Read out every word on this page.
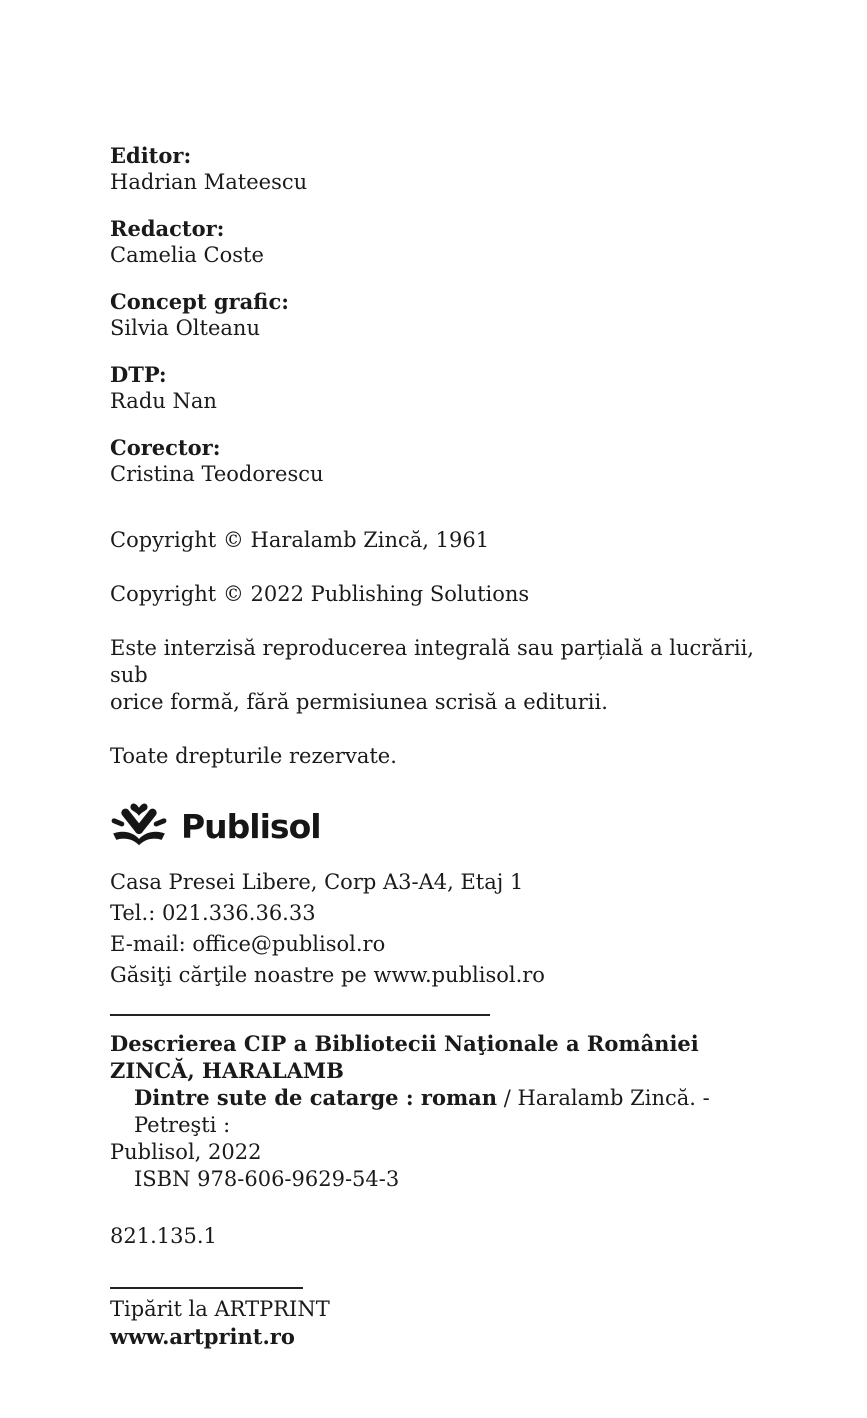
Editor:
Hadrian Mateescu
Redactor:
Camelia Coste
Concept grafic:
Silvia Olteanu
DTP:
Radu Nan
Corector:
Cristina Teodorescu

Copyright © Haralamb Zincă, 1961

Copyright © 2022 Publishing Solutions

Este interzisă reproducerea integrală sau parțială a lucrării, sub
orice formă, fără permisiunea scrisă a editurii.

Toate drepturile rezervate.

Publisol
Casa Presei Libere, Corp A3-A4, Etaj 1
Tel.: 021.336.36.33
E-mail: office@publisol.ro
Găsiţi cărţile noastre pe www.publisol.ro
Descrierea CIP a Bibliotecii Naţionale a României
ZINCĂ, HARALAMB
Dintre sute de catarge : roman / Haralamb Zincă. - Petreşti :
Publisol, 2022
ISBN 978-606-9629-54-3
821.135.1
Tipărit la ARTPRINT
www.artprint.ro
